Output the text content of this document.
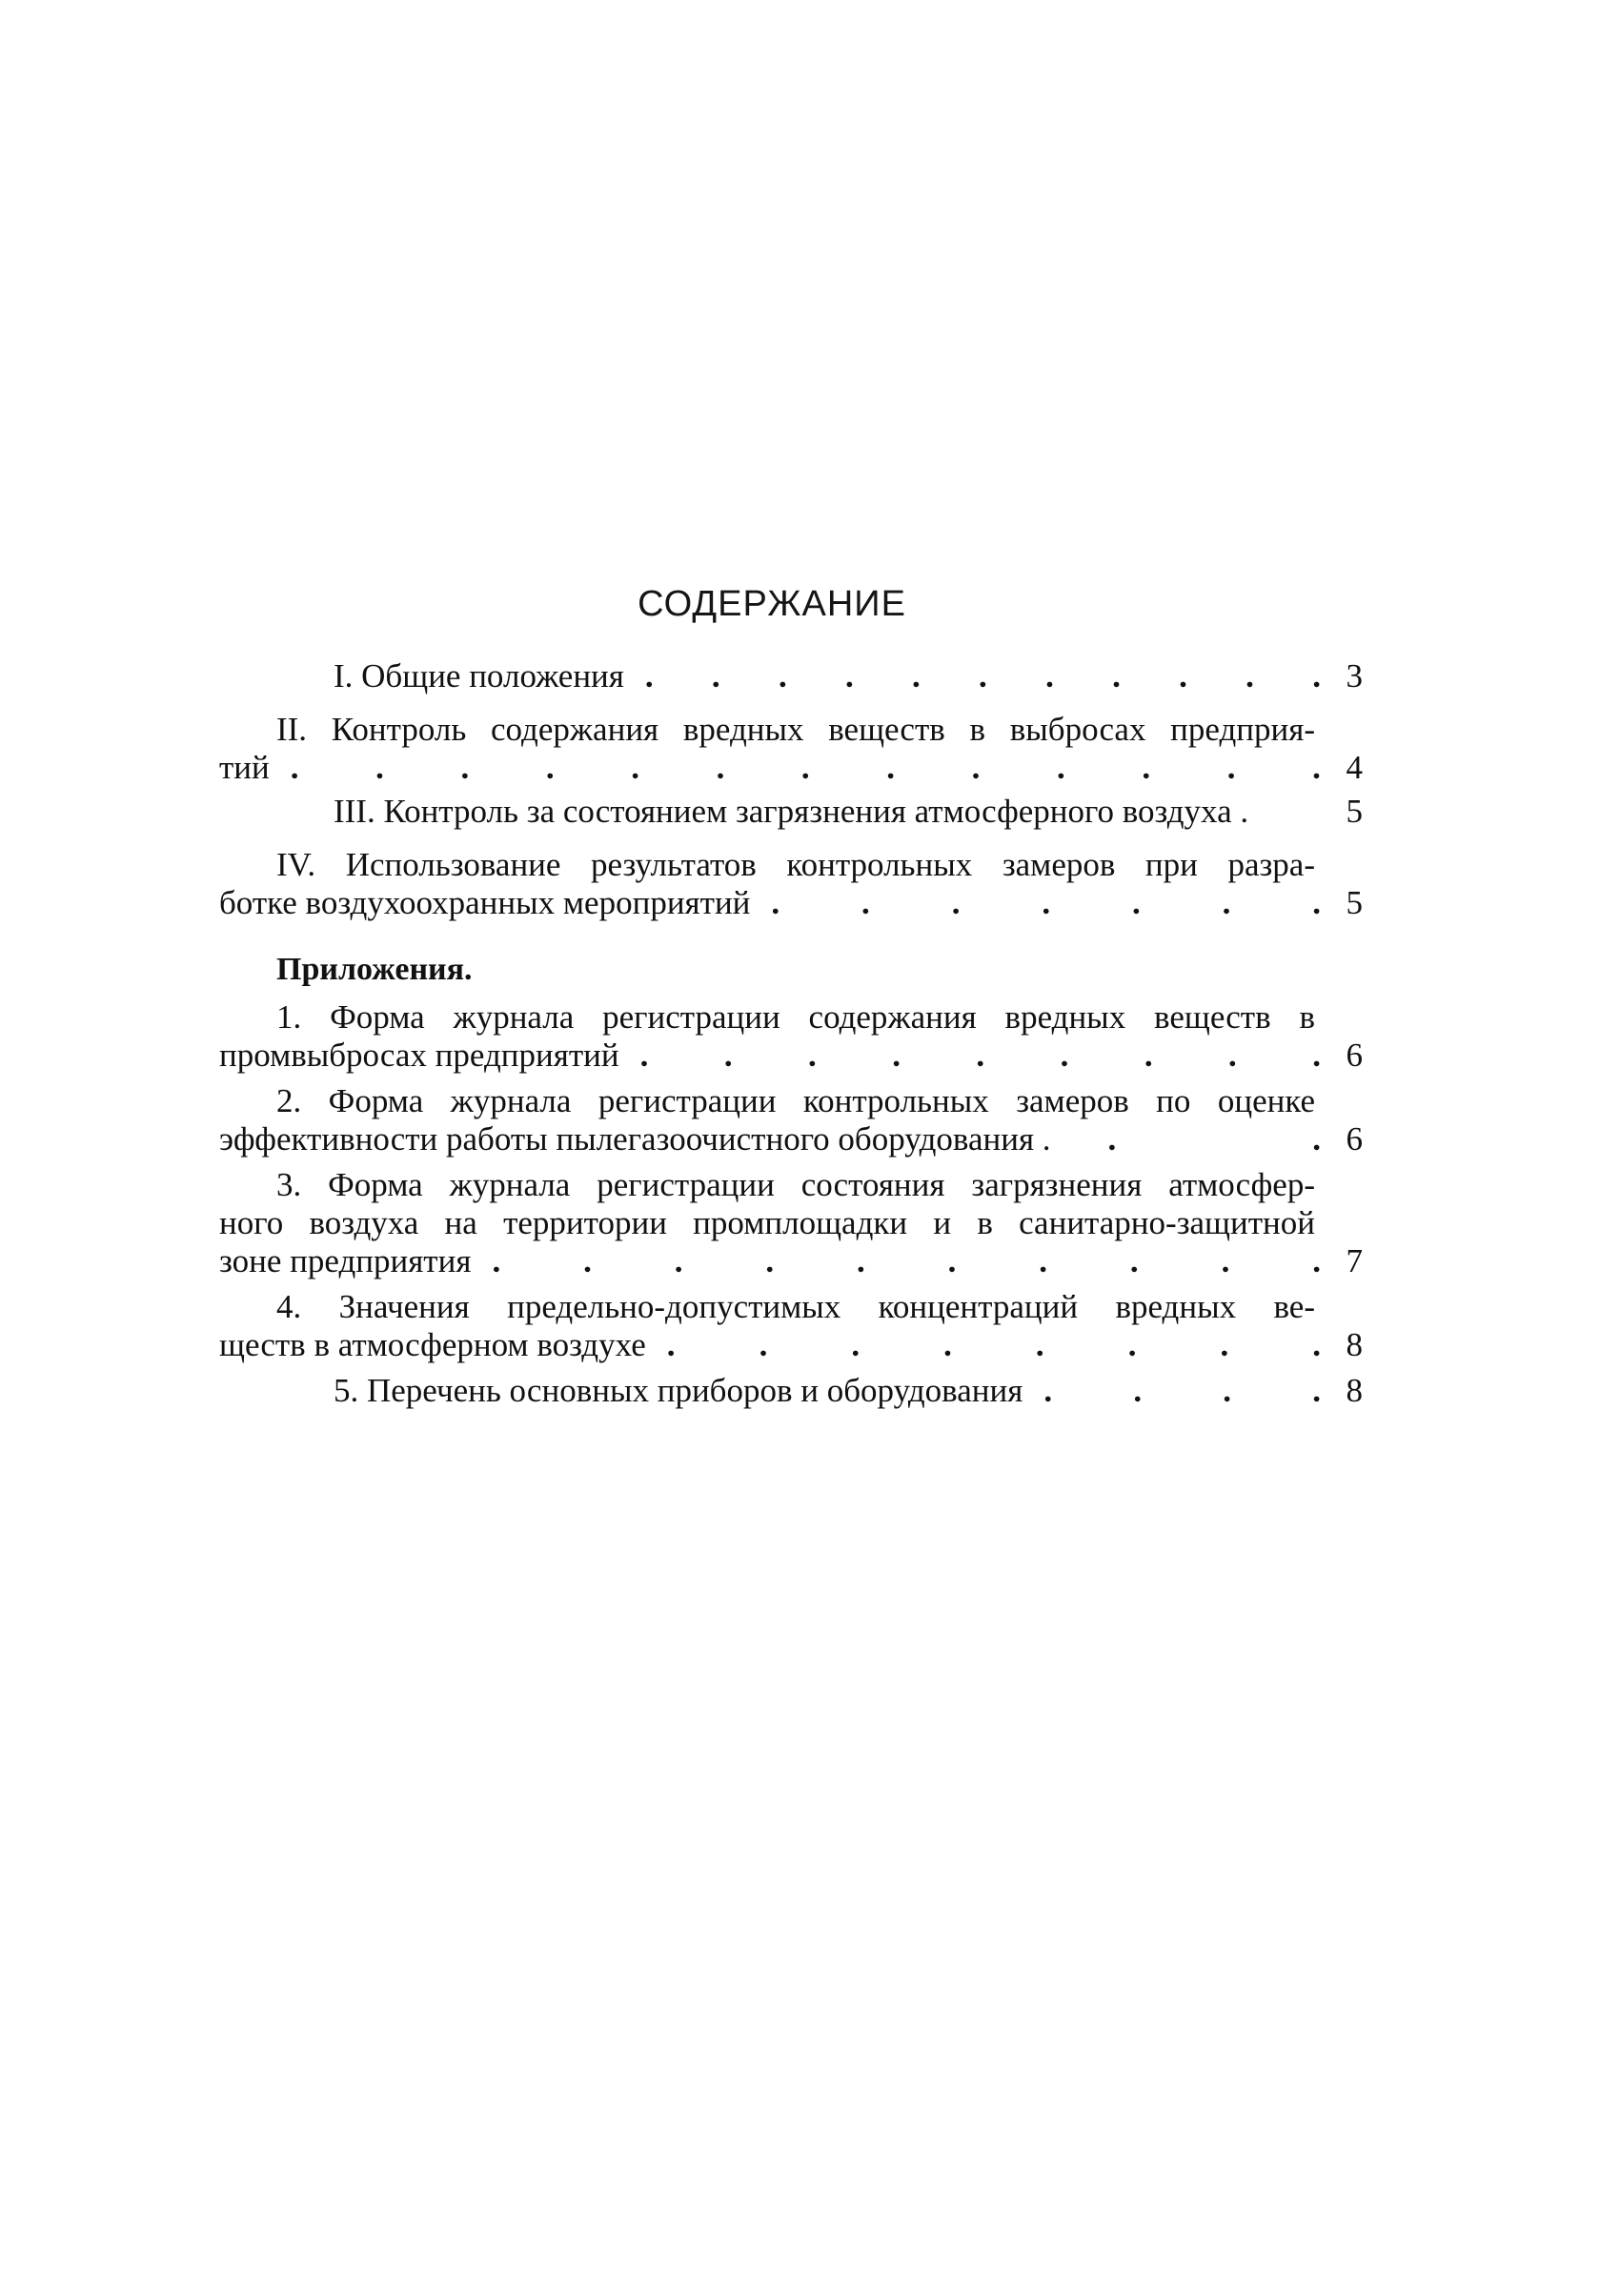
СОДЕРЖАНИЕ
I. Общие положения . . . . . . . . . . . 3
II. Контроль содержания вредных веществ в выбросах предприя-
тий . . . . . . . . . . . . . 4
III. Контроль за состоянием загрязнения атмосферного воздуха .	5
IV. Использование результатов контрольных замеров при разра-
ботке воздухоохранных мероприятий . . . . . . . 5
Приложения.
1. Форма журнала регистрации содержания вредных веществ в
промвыбросах предприятий . . . . . . . . . 6
2. Форма журнала регистрации контрольных замеров по оценке
эффективности работы пылегазоочистного оборудования . .	. 6
3. Форма журнала регистрации состояния загрязнения атмосфер-
ного воздуха на территории промплощадки и в санитарно-защитной
зоне предприятия . . . . . . . . . . 7
4. Значения предельно-допустимых концентраций вредных ве-
ществ в атмосферном воздухе .	.	.	.	.	.	.	. 8
5. Перечень основных приборов и оборудования . . . . 8
